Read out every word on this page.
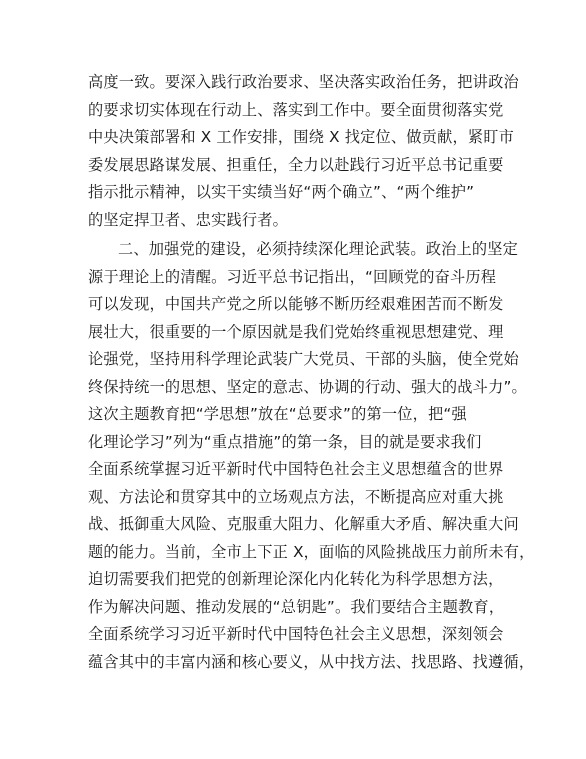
高度一致。要深入践行政治要求、坚决落实政治任务，把讲政治
的要求切实体现在行动上、落实到工作中。要全面贯彻落实党
中央决策部署和 X 工作安排，围绕 X 找定位、做贡献，紧盯市
委发展思路谋发展、担重任，全力以赴践行习近平总书记重要
指示批示精神，以实干实绩当好“两个确立”、“两个维护”
的坚定捍卫者、忠实践行者。
二、加强党的建设，必须持续深化理论武装。政治上的坚定
源于理论上的清醒。习近平总书记指出，“回顾党的奋斗历程
可以发现，中国共产党之所以能够不断历经艰难困苦而不断发
展壮大，很重要的一个原因就是我们党始终重视思想建党、理
论强党，坚持用科学理论武装广大党员、干部的头脑，使全党始
终保持统一的思想、坚定的意志、协调的行动、强大的战斗力”。
这次主题教育把“学思想”放在“总要求”的第一位，把“强
化理论学习”列为“重点措施”的第一条，目的就是要求我们
全面系统掌握习近平新时代中国特色社会主义思想蕴含的世界
观、方法论和贯穿其中的立场观点方法，不断提高应对重大挑
战、抵御重大风险、克服重大阻力、化解重大矛盾、解决重大问
题的能力。当前，全市上下正 X，面临的风险挑战压力前所未有，
迫切需要我们把党的创新理论深化内化转化为科学思想方法，
作为解决问题、推动发展的“总钥匙”。我们要结合主题教育，
全面系统学习习近平新时代中国特色社会主义思想，深刻领会
蕴含其中的丰富内涵和核心要义，从中找方法、找思路、找遵循，
